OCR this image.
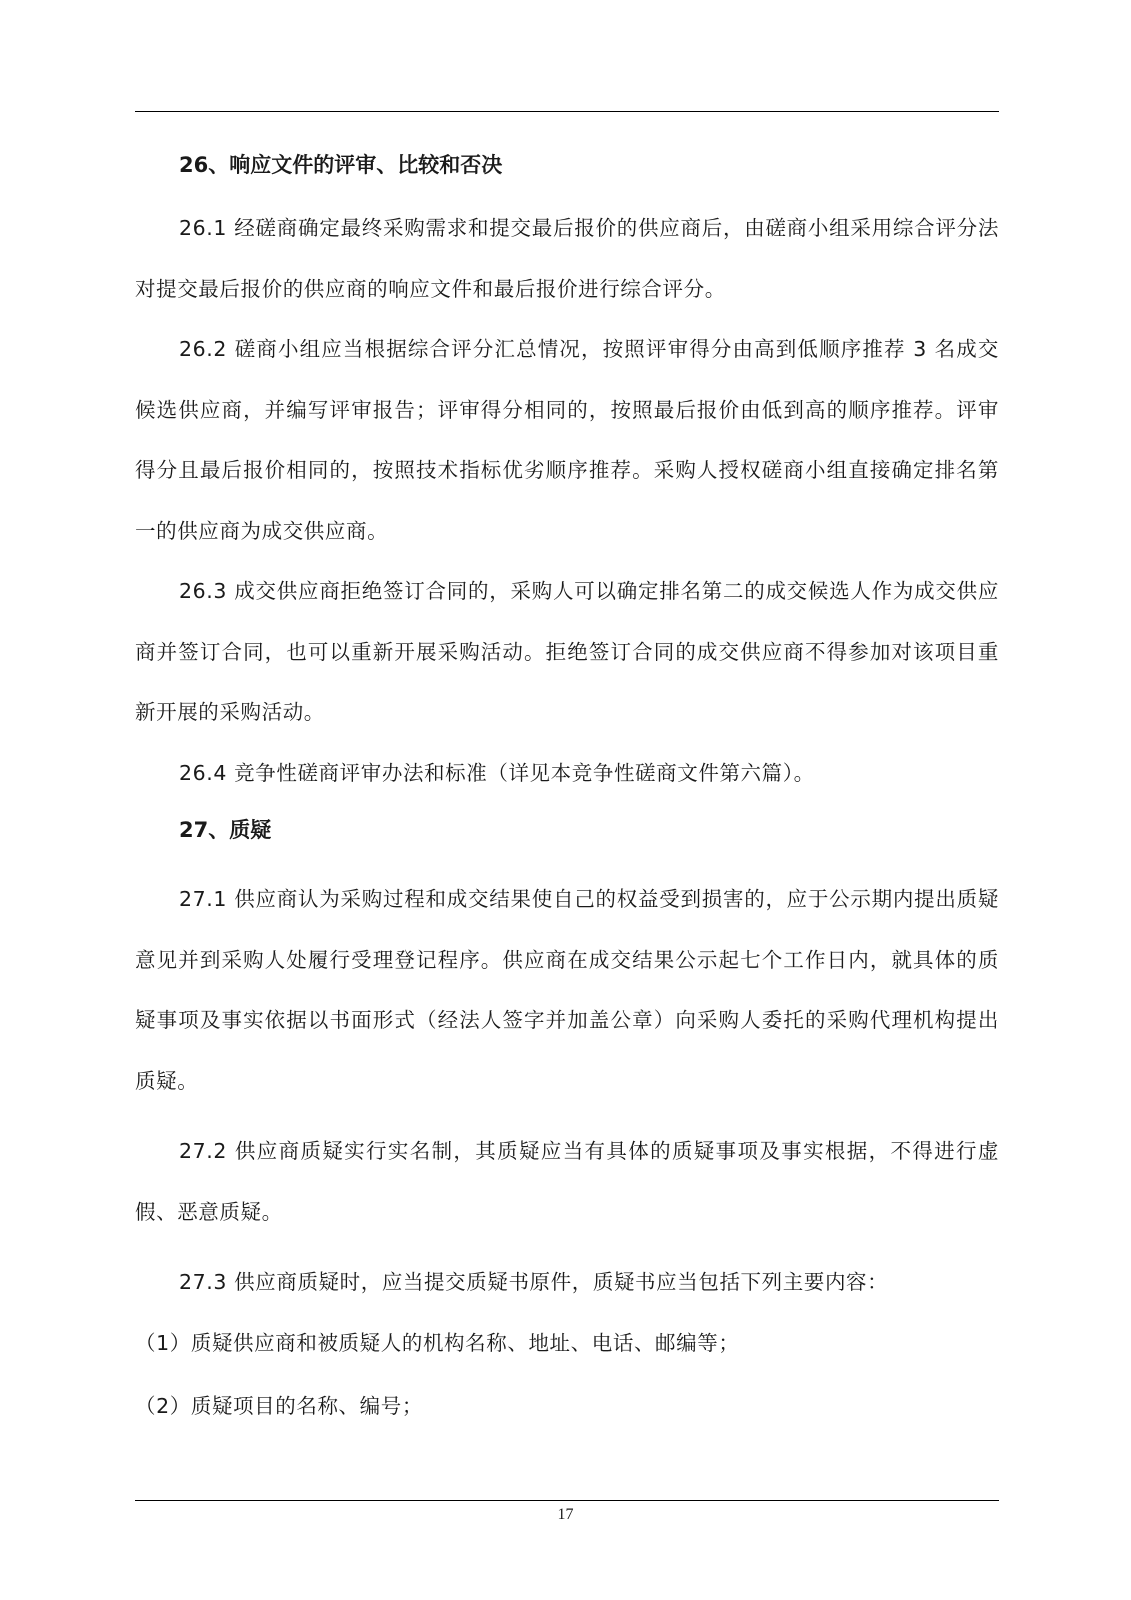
26、响应文件的评审、比较和否决

26.1 经磋商确定最终采购需求和提交最后报价的供应商后，由磋商小组采用综合评分法对提交最后报价的供应商的响应文件和最后报价进行综合评分。

26.2 磋商小组应当根据综合评分汇总情况，按照评审得分由高到低顺序推荐 3 名成交候选供应商，并编写评审报告；评审得分相同的，按照最后报价由低到高的顺序推荐。评审得分且最后报价相同的，按照技术指标优劣顺序推荐。采购人授权磋商小组直接确定排名第一的供应商为成交供应商。

26.3 成交供应商拒绝签订合同的，采购人可以确定排名第二的成交候选人作为成交供应商并签订合同，也可以重新开展采购活动。拒绝签订合同的成交供应商不得参加对该项目重新开展的采购活动。

26.4 竞争性磋商评审办法和标准（详见本竞争性磋商文件第六篇）。

27、质疑

27.1 供应商认为采购过程和成交结果使自己的权益受到损害的，应于公示期内提出质疑意见并到采购人处履行受理登记程序。供应商在成交结果公示起七个工作日内，就具体的质疑事项及事实依据以书面形式（经法人签字并加盖公章）向采购人委托的采购代理机构提出质疑。

27.2 供应商质疑实行实名制，其质疑应当有具体的质疑事项及事实根据，不得进行虚假、恶意质疑。

27.3 供应商质疑时，应当提交质疑书原件，质疑书应当包括下列主要内容：

（1）质疑供应商和被质疑人的机构名称、地址、电话、邮编等；

（2）质疑项目的名称、编号；

17
